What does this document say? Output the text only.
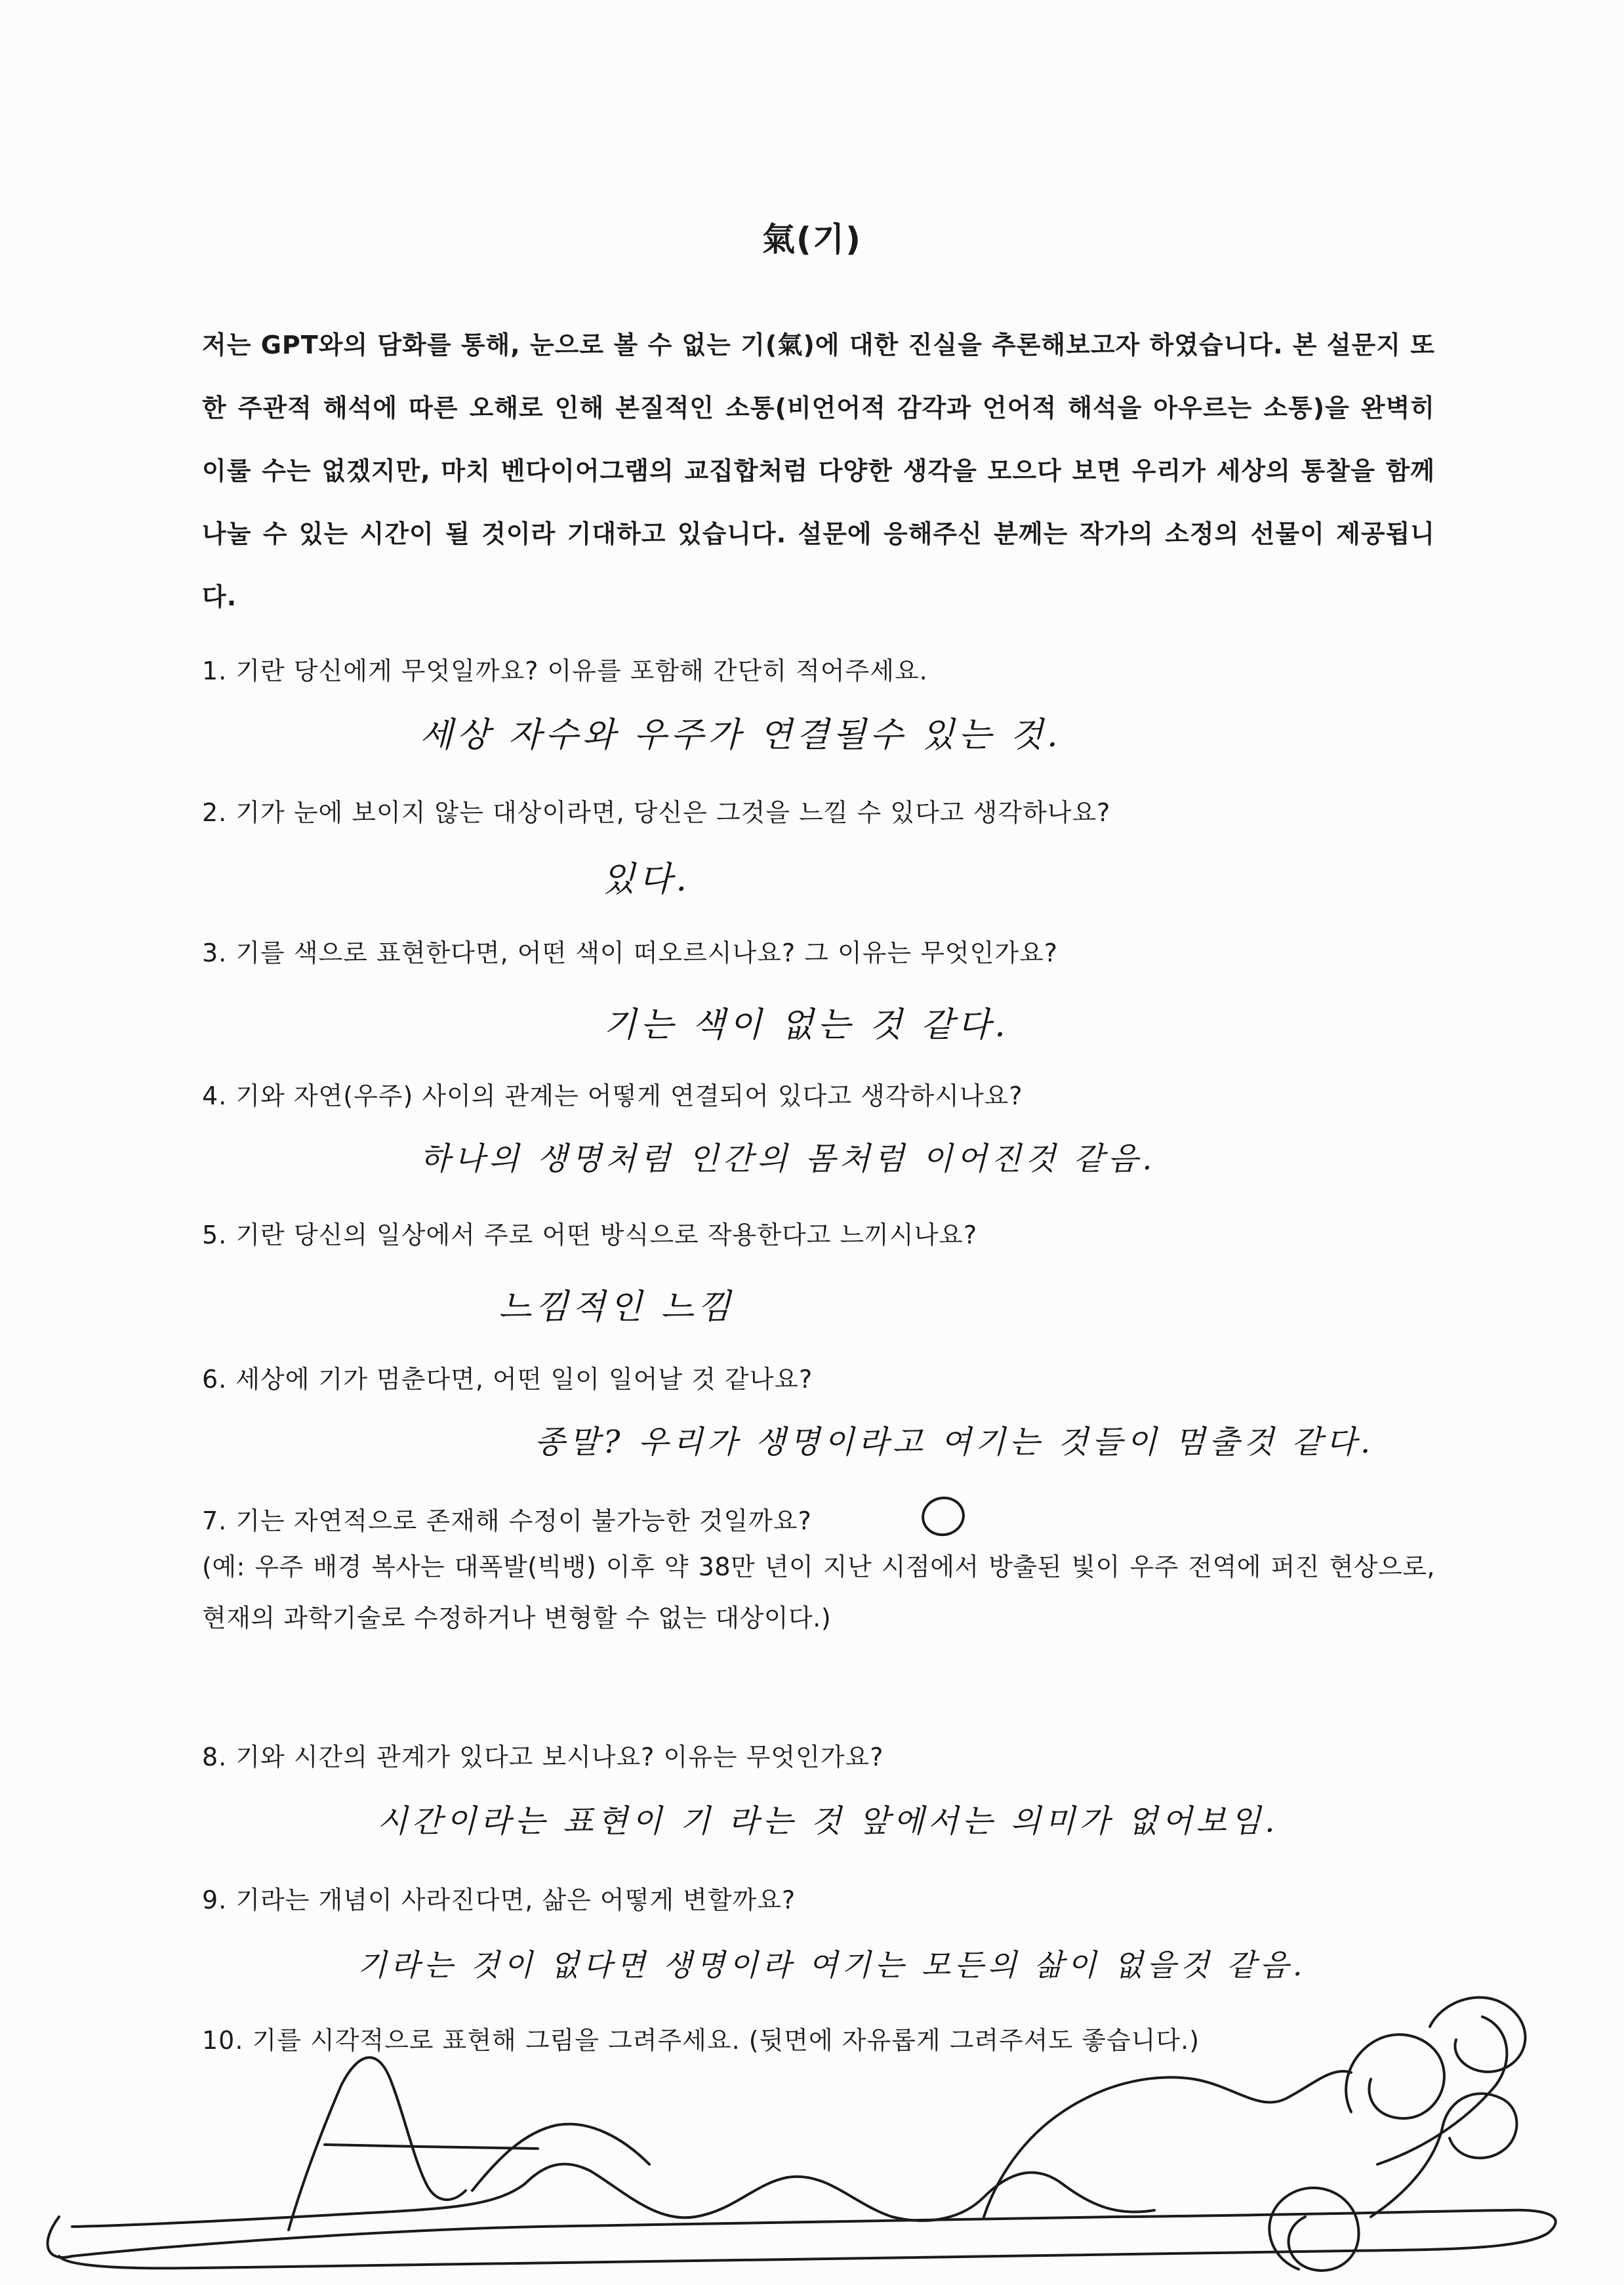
氣(기)
저는 GPT와의 담화를 통해, 눈으로 볼 수 없는 기(氣)에 대한 진실을 추론해보고자 하였습니다. 본 설문지 또한 주관적 해석에 따른 오해로 인해 본질적인 소통(비언어적 감각과 언어적 해석을 아우르는 소통)을 완벽히 이룰 수는 없겠지만, 마치 벤다이어그램의 교집합처럼 다양한 생각을 모으다 보면 우리가 세상의 통찰을 함께 나눌 수 있는 시간이 될 것이라 기대하고 있습니다. 설문에 응해주신 분께는 작가의 소정의 선물이 제공됩니다.
1. 기란 당신에게 무엇일까요? 이유를 포함해 간단히 적어주세요.
세상 자수와 우주가 연결될수 있는 것.
2. 기가 눈에 보이지 않는 대상이라면, 당신은 그것을 느낄 수 있다고 생각하나요?
있다.
3. 기를 색으로 표현한다면, 어떤 색이 떠오르시나요? 그 이유는 무엇인가요?
기는 색이 없는 것 같다.
4. 기와 자연(우주) 사이의 관계는 어떻게 연결되어 있다고 생각하시나요?
하나의 생명처럼 인간의 몸처럼 이어진것 같음.
5. 기란 당신의 일상에서 주로 어떤 방식으로 작용한다고 느끼시나요?
느낌적인 느낌
6. 세상에 기가 멈춘다면, 어떤 일이 일어날 것 같나요?
종말? 우리가 생명이라고 여기는 것들이 멈출것 같다.
7. 기는 자연적으로 존재해 수정이 불가능한 것일까요?
(예: 우주 배경 복사는 대폭발(빅뱅) 이후 약 38만 년이 지난 시점에서 방출된 빛이 우주 전역에 퍼진 현상으로, 현재의 과학기술로 수정하거나 변형할 수 없는 대상이다.)
8. 기와 시간의 관계가 있다고 보시나요? 이유는 무엇인가요?
시간이라는 표현이 기 라는 것 앞에서는 의미가 없어보임.
9. 기라는 개념이 사라진다면, 삶은 어떻게 변할까요?
기라는 것이 없다면 생명이라 여기는 모든의 삶이 없을것 같음.
10. 기를 시각적으로 표현해 그림을 그려주세요. (뒷면에 자유롭게 그려주셔도 좋습니다.)
